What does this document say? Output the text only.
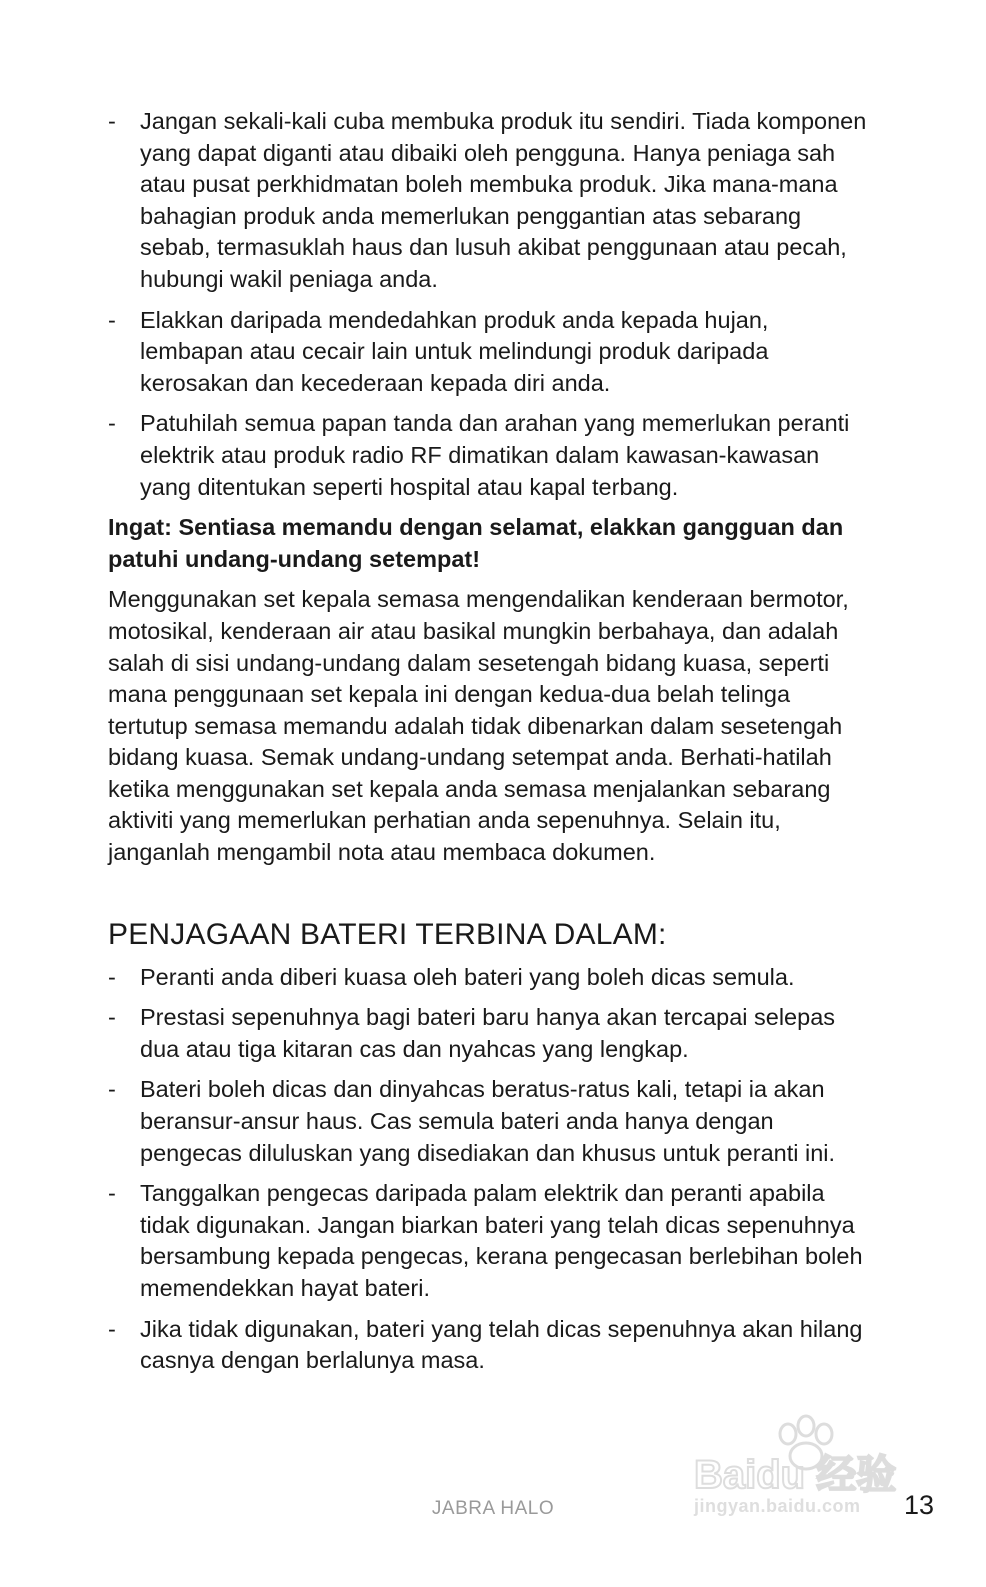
- Jangan sekali-kali cuba membuka produk itu sendiri. Tiada komponen yang dapat diganti atau dibaiki oleh pengguna. Hanya peniaga sah atau pusat perkhidmatan boleh membuka produk. Jika mana-mana bahagian produk anda memerlukan penggantian atas sebarang sebab, termasuklah haus dan lusuh akibat penggunaan atau pecah, hubungi wakil peniaga anda.
- Elakkan daripada mendedahkan produk anda kepada hujan, lembapan atau cecair lain untuk melindungi produk daripada kerosakan dan kecederaan kepada diri anda.
- Patuhilah semua papan tanda dan arahan yang memerlukan peranti elektrik atau produk radio RF dimatikan dalam kawasan-kawasan yang ditentukan seperti hospital atau kapal terbang.

Ingat: Sentiasa memandu dengan selamat, elakkan gangguan dan patuhi undang-undang setempat!

Menggunakan set kepala semasa mengendalikan kenderaan bermotor, motosikal, kenderaan air atau basikal mungkin berbahaya, dan adalah salah di sisi undang-undang dalam sesetengah bidang kuasa, seperti mana penggunaan set kepala ini dengan kedua-dua belah telinga tertutup semasa memandu adalah tidak dibenarkan dalam sesetengah bidang kuasa. Semak undang-undang setempat anda. Berhati-hatilah ketika menggunakan set kepala anda semasa menjalankan sebarang aktiviti yang memerlukan perhatian anda sepenuhnya. Selain itu, janganlah mengambil nota atau membaca dokumen.

PENJAGAAN BATERI TERBINA DALAM:
- Peranti anda diberi kuasa oleh bateri yang boleh dicas semula.
- Prestasi sepenuhnya bagi bateri baru hanya akan tercapai selepas dua atau tiga kitaran cas dan nyahcas yang lengkap.
- Bateri boleh dicas dan dinyahcas beratus-ratus kali, tetapi ia akan beransur-ansur haus. Cas semula bateri anda hanya dengan pengecas diluluskan yang disediakan dan khusus untuk peranti ini.
- Tanggalkan pengecas daripada palam elektrik dan peranti apabila tidak digunakan. Jangan biarkan bateri yang telah dicas sepenuhnya bersambung kepada pengecas, kerana pengecasan berlebihan boleh memendekkan hayat bateri.
- Jika tidak digunakan, bateri yang telah dicas sepenuhnya akan hilang casnya dengan berlalunya masa.
Baidu 经验
jingyan.baidu.com
JABRA HALO	13
